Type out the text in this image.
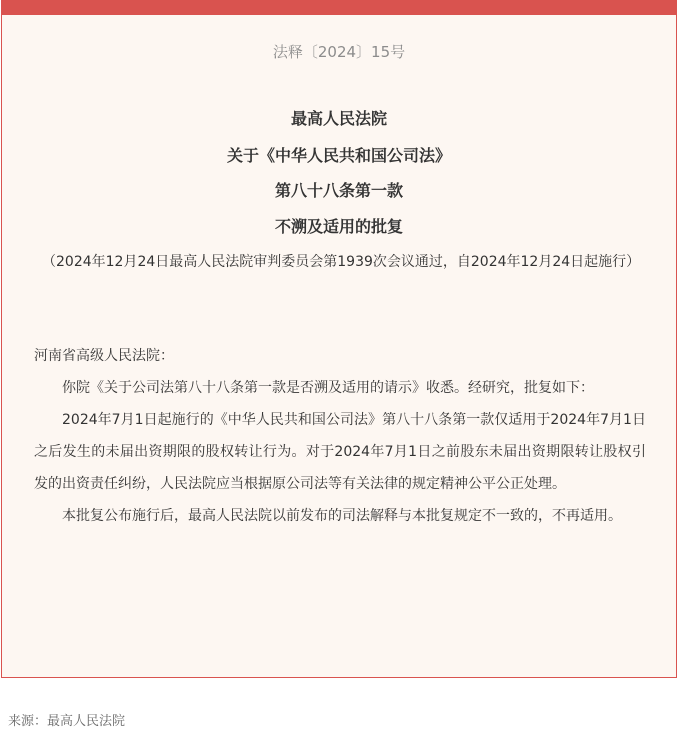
法释〔2024〕15号
最高人民法院
关于《中华人民共和国公司法》
第八十八条第一款
不溯及适用的批复
（2024年12月24日最高人民法院审判委员会第1939次会议通过，自2024年12月24日起施行）

河南省高级人民法院：

你院《关于公司法第八十八条第一款是否溯及适用的请示》收悉。经研究，批复如下：

2024年7月1日起施行的《中华人民共和国公司法》第八十八条第一款仅适用于2024年7月1日之后发生的未届出资期限的股权转让行为。对于2024年7月1日之前股东未届出资期限转让股权引发的出资责任纠纷，人民法院应当根据原公司法等有关法律的规定精神公平公正处理。

本批复公布施行后，最高人民法院以前发布的司法解释与本批复规定不一致的，不再适用。

来源：最高人民法院
